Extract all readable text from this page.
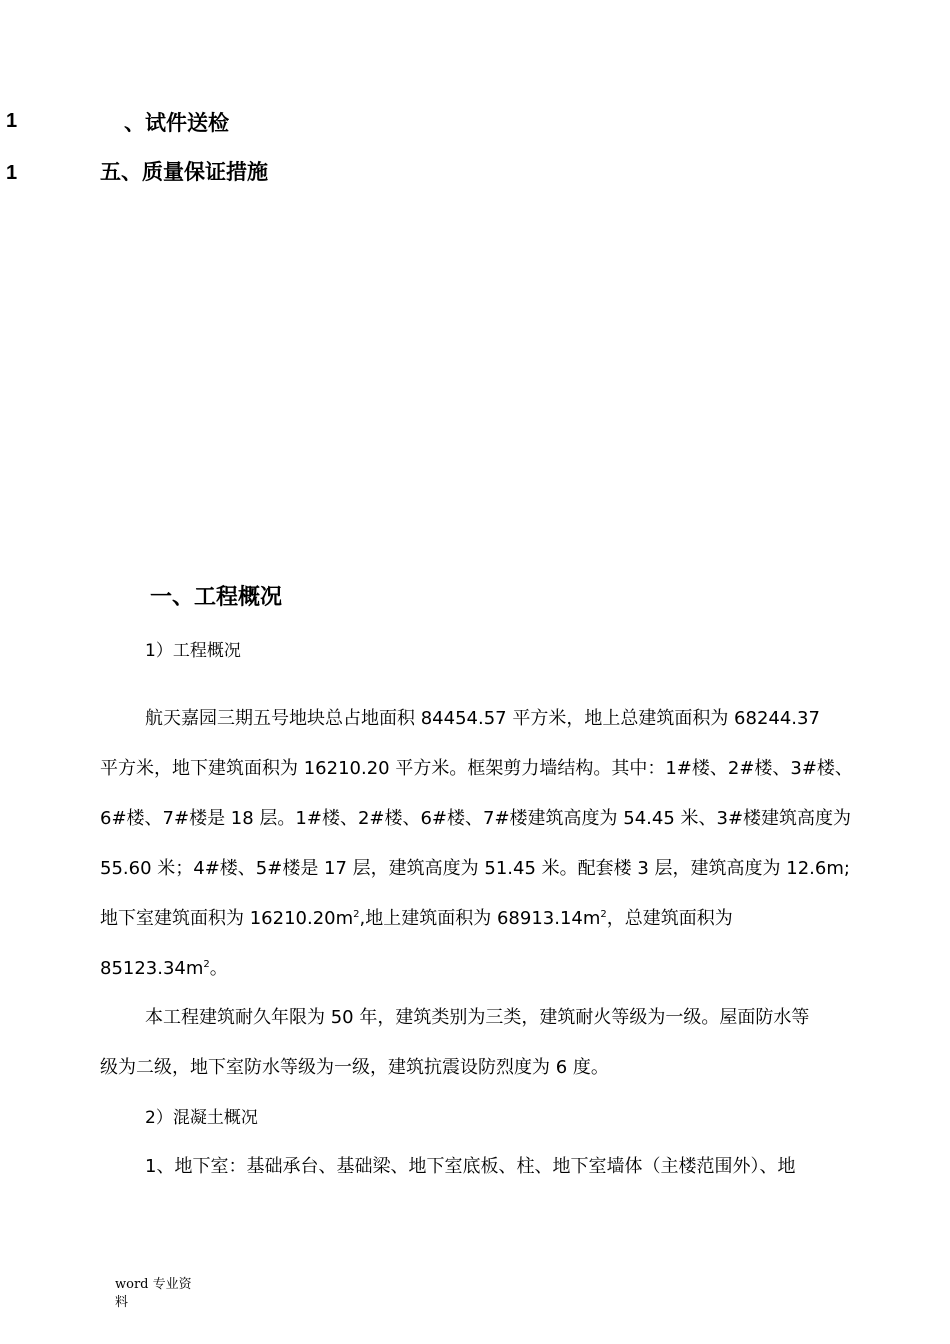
1	、试件送检
1	五、质量保证措施
一、工程概况
1）工程概况
航天嘉园三期五号地块总占地面积 84454.57 平方米，地上总建筑面积为 68244.37
平方米，地下建筑面积为 16210.20 平方米。框架剪力墙结构。其中：1#楼、2#楼、3#楼、
6#楼、7#楼是 18 层。1#楼、2#楼、6#楼、7#楼建筑高度为 54.45 米、3#楼建筑高度为
55.60 米；4#楼、5#楼是 17 层，建筑高度为 51.45 米。配套楼 3 层，建筑高度为 12.6m;
地下室建筑面积为 $16210.20m^2$,地上建筑面积为 $68913.14m^2$，总建筑面积为
$85123.34m^2$。
本工程建筑耐久年限为 50 年，建筑类别为三类，建筑耐火等级为一级。屋面防水等
级为二级，地下室防水等级为一级，建筑抗震设防烈度为 6 度。
2）混凝土概况
1、地下室：基础承台、基础梁、地下室底板、柱、地下室墙体（主楼范围外）、地
word 专业资
料
